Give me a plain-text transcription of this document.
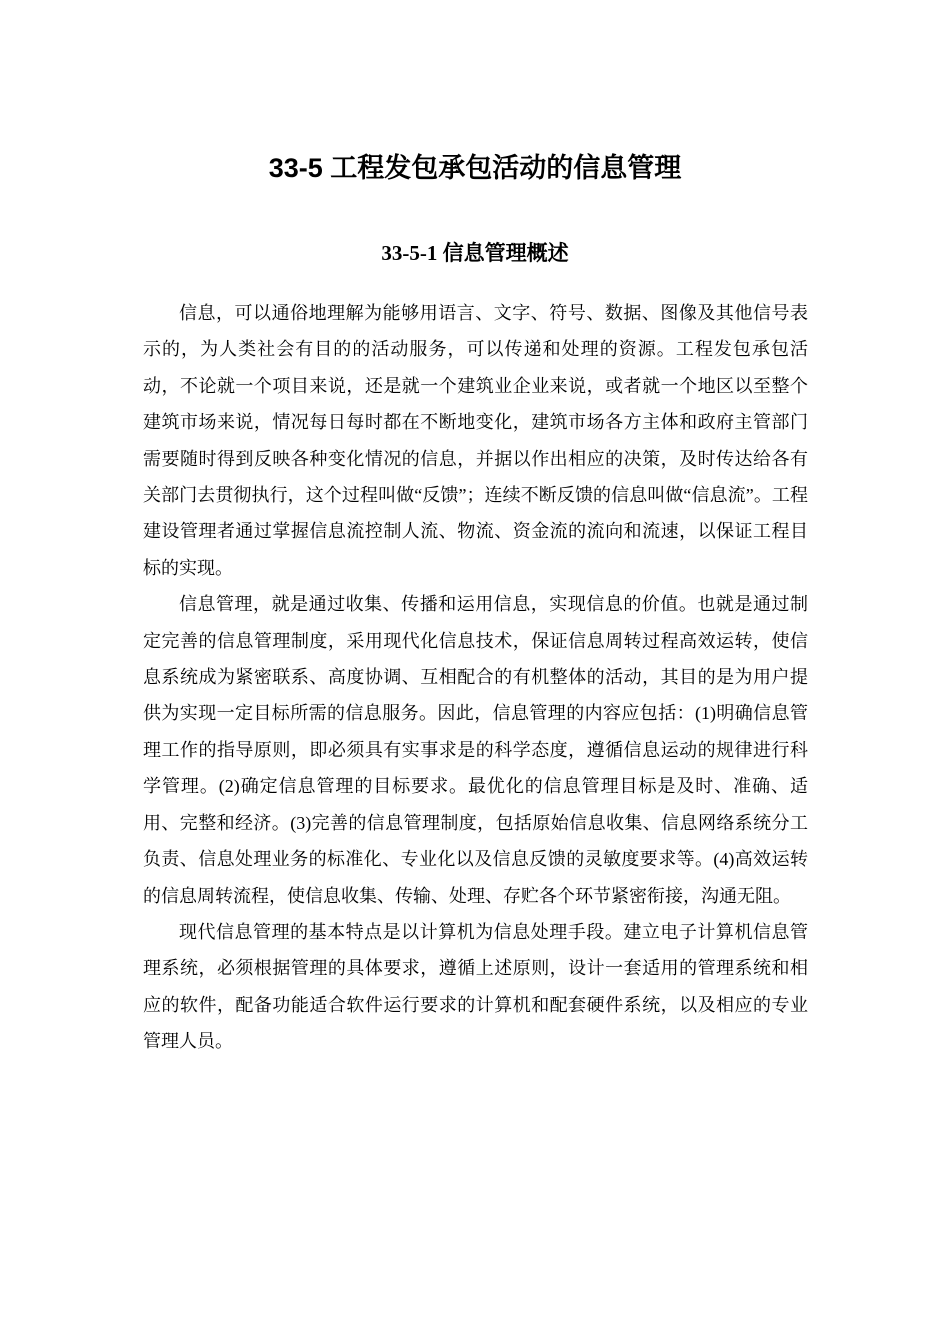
33-5 工程发包承包活动的信息管理
33-5-1 信息管理概述

信息，可以通俗地理解为能够用语言、文字、符号、数据、图像及其他信号表示的，为人类社会有目的的活动服务，可以传递和处理的资源。工程发包承包活动，不论就一个项目来说，还是就一个建筑业企业来说，或者就一个地区以至整个建筑市场来说，情况每日每时都在不断地变化，建筑市场各方主体和政府主管部门需要随时得到反映各种变化情况的信息，并据以作出相应的决策，及时传达给各有关部门去贯彻执行，这个过程叫做“反馈”；连续不断反馈的信息叫做“信息流”。工程建设管理者通过掌握信息流控制人流、物流、资金流的流向和流速，以保证工程目标的实现。

信息管理，就是通过收集、传播和运用信息，实现信息的价值。也就是通过制定完善的信息管理制度，采用现代化信息技术，保证信息周转过程高效运转，使信息系统成为紧密联系、高度协调、互相配合的有机整体的活动，其目的是为用户提供为实现一定目标所需的信息服务。因此，信息管理的内容应包括：(1)明确信息管理工作的指导原则，即必须具有实事求是的科学态度，遵循信息运动的规律进行科学管理。(2)确定信息管理的目标要求。最优化的信息管理目标是及时、准确、适用、完整和经济。(3)完善的信息管理制度，包括原始信息收集、信息网络系统分工负责、信息处理业务的标准化、专业化以及信息反馈的灵敏度要求等。(4)高效运转的信息周转流程，使信息收集、传输、处理、存贮各个环节紧密衔接，沟通无阻。

现代信息管理的基本特点是以计算机为信息处理手段。建立电子计算机信息管理系统，必须根据管理的具体要求，遵循上述原则，设计一套适用的管理系统和相应的软件，配备功能适合软件运行要求的计算机和配套硬件系统，以及相应的专业管理人员。
